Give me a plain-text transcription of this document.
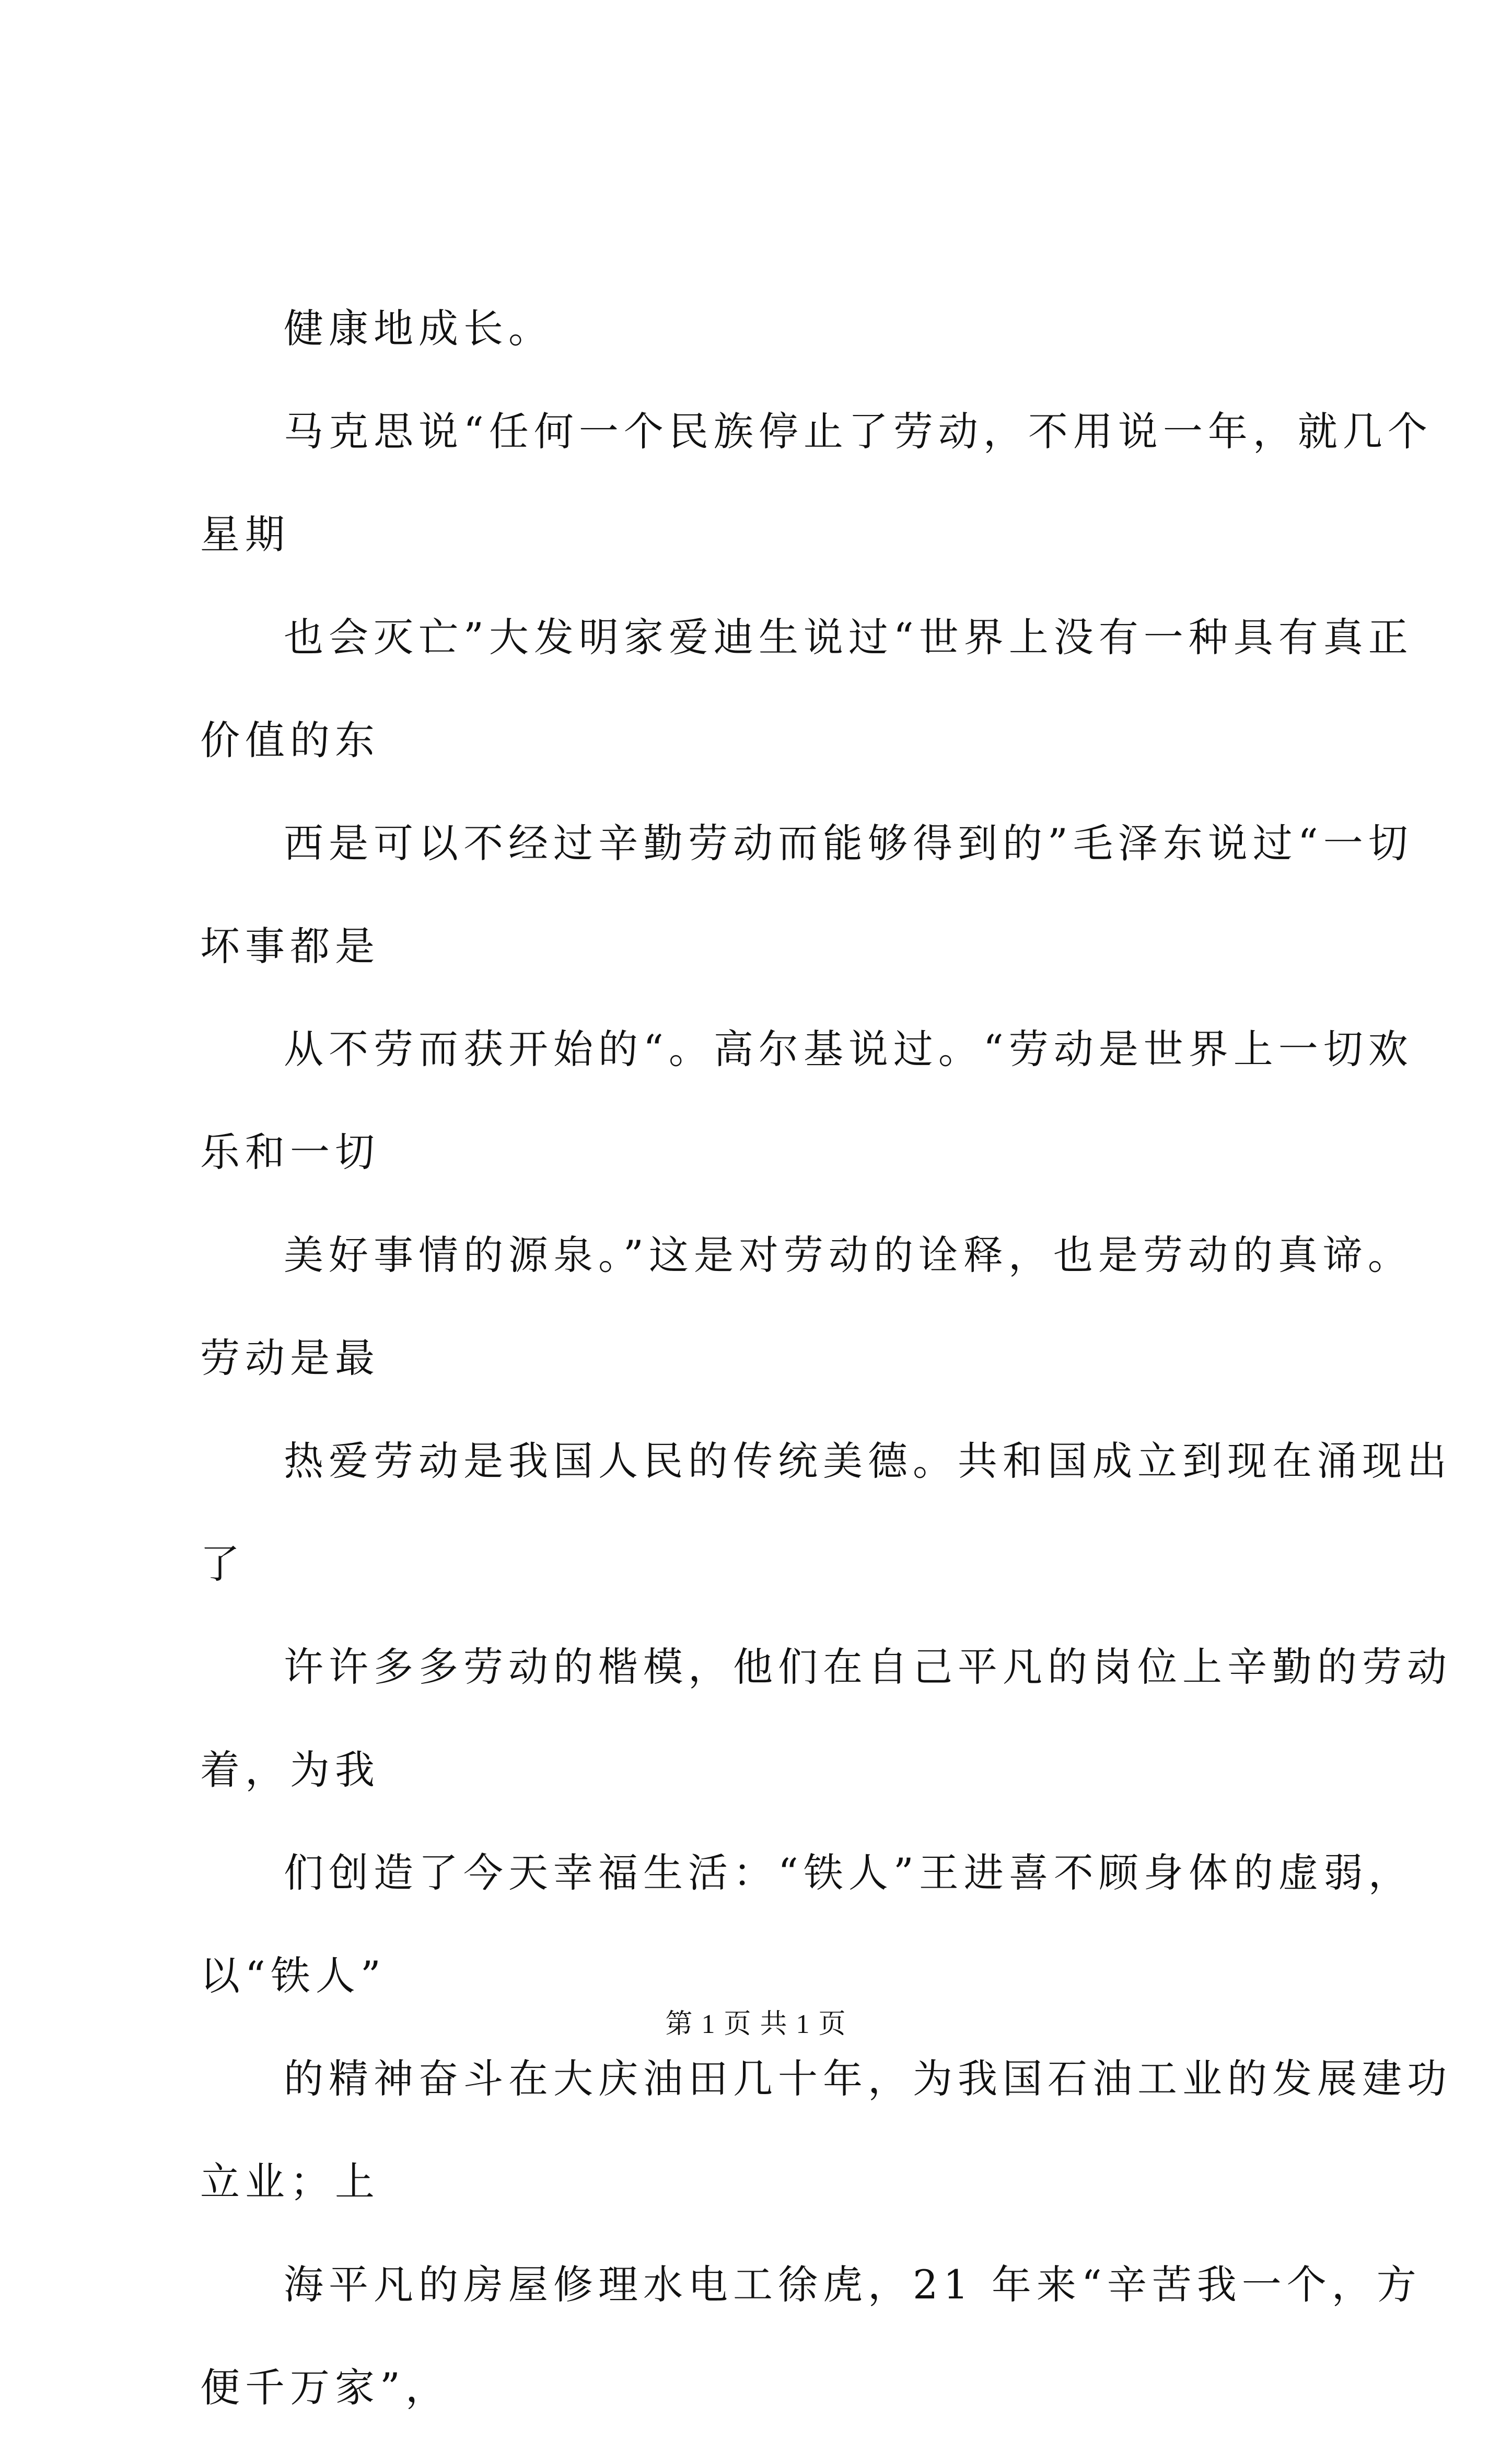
健康地成长。
马克思说“任何一个民族停止了劳动，不用说一年，就几个
星期
也会灭亡”大发明家爱迪生说过“世界上没有一种具有真正
价值的东
西是可以不经过辛勤劳动而能够得到的”毛泽东说过“一切
坏事都是
从不劳而获开始的“。高尔基说过。“劳动是世界上一切欢
乐和一切
美好事情的源泉。”这是对劳动的诠释，也是劳动的真谛。
劳动是最
热爱劳动是我国人民的传统美德。共和国成立到现在涌现出
了
许许多多劳动的楷模，他们在自己平凡的岗位上辛勤的劳动
着，为我
们创造了今天幸福生活：“铁人”王进喜不顾身体的虚弱，
以“铁人”
的精神奋斗在大庆油田几十年，为我国石油工业的发展建功
立业；上
海平凡的房屋修理水电工徐虎，21 年来“辛苦我一个，方
便千万家”，
第 1 页 共 1 页
